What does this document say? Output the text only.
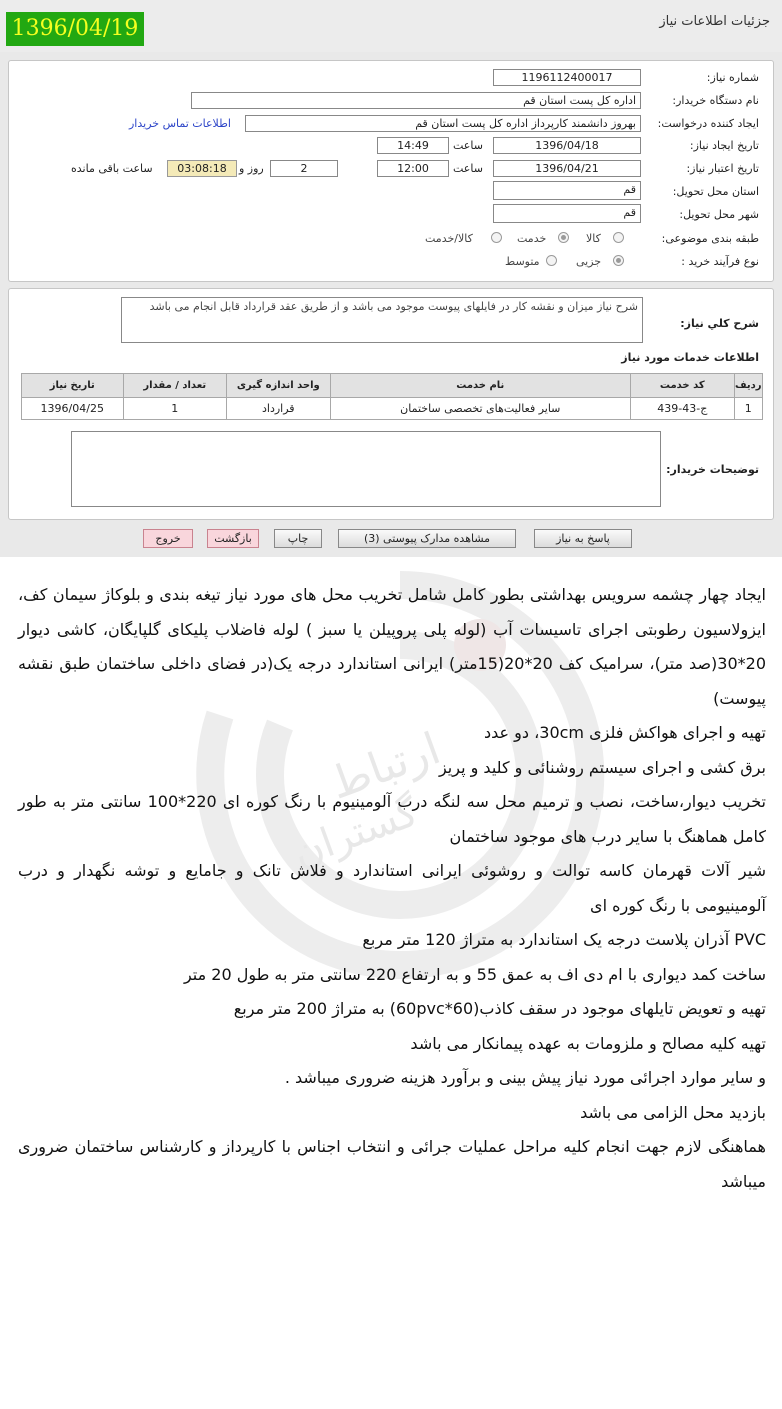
جزئیات اطلاعات نیاز
1396/04/19
شماره نیاز:
1196112400017
نام دستگاه خریدار:
اداره کل پست استان قم
ایجاد کننده درخواست:
بهروز دانشمند کارپرداز اداره کل پست استان قم
اطلاعات تماس خریدار
تاریخ ایجاد نیاز:
1396/04/18
ساعت
14:49
تاریخ اعتبار نیاز:
1396/04/21
ساعت
12:00
2
روز و
03:08:18
ساعت باقی مانده
استان محل تحویل:
قم
شهر محل تحویل:
قم
طبقه بندی موضوعی:
کالا
خدمت
کالا/خدمت
نوع فرآیند خرید :
جزیی
متوسط
شرح كلي نياز:
شرح نیاز میزان و نقشه کار در فایلهای پیوست موجود می باشد و از طریق عقد قرارداد قابل انجام می باشد
اطلاعات خدمات مورد نیاز
تاریخ نیاز	تعداد / مقدار	واحد اندازه گیری	نام خدمت	کد خدمت	ردیف
1396/04/25	1	قرارداد	سایر فعالیت‌های تخصصی ساختمان	ج-43-439	1
توضیحات خریدار:
پاسخ به نیاز
مشاهده مدارک پیوستی (3)
چاپ
بازگشت
خروج
ارتباط
گستران

ایجاد چهار چشمه سرویس بهداشتی بطور کامل شامل تخریب محل های مورد نیاز تیغه بندی و بلوکاژ سیمان کف، ایزولاسیون رطوبتی اجرای تاسیسات آب (لوله پلی پروپیلن یا سبز ) لوله فاضلاب پلیکای گلپایگان، کاشی دیوار 20*30(صد متر)، سرامیک کف 20*20(15متر) ایرانی استاندارد درجه یک(در فضای داخلی ساختمان طبق نقشه پیوست)

تهیه و اجرای هواکش فلزی 30cm، دو عدد

برق کشی و اجرای سیستم روشنائی و کلید و پریز

تخریب دیوار،ساخت، نصب و ترمیم محل سه لنگه درب آلومینیوم با رنگ کوره ای 220*100 سانتی متر به طور کامل هماهنگ با سایر درب های موجود ساختمان

شیر آلات قهرمان کاسه توالت و روشوئی ایرانی استاندارد و فلاش تانک و جامایع و توشه نگهدار و درب آلومینیومی با رنگ کوره ای

PVC آذران پلاست درجه یک استاندارد به متراژ 120 متر مربع

ساخت کمد دیواری با ام دی اف به عمق 55 و به ارتفاع 220 سانتی متر به طول 20 متر

تهیه و تعویض تایلهای موجود در سقف کاذب(60*60pvc) به متراژ 200 متر مربع

تهیه کلیه مصالح و ملزومات به عهده پیمانکار می باشد

و سایر موارد اجرائی مورد نیاز پیش بینی و برآورد هزینه ضروری میباشد .

بازدید محل الزامی می باشد

هماهنگی لازم جهت انجام کلیه مراحل عملیات جرائی و انتخاب اجناس با کارپرداز و کارشناس ساختمان ضروری میباشد
